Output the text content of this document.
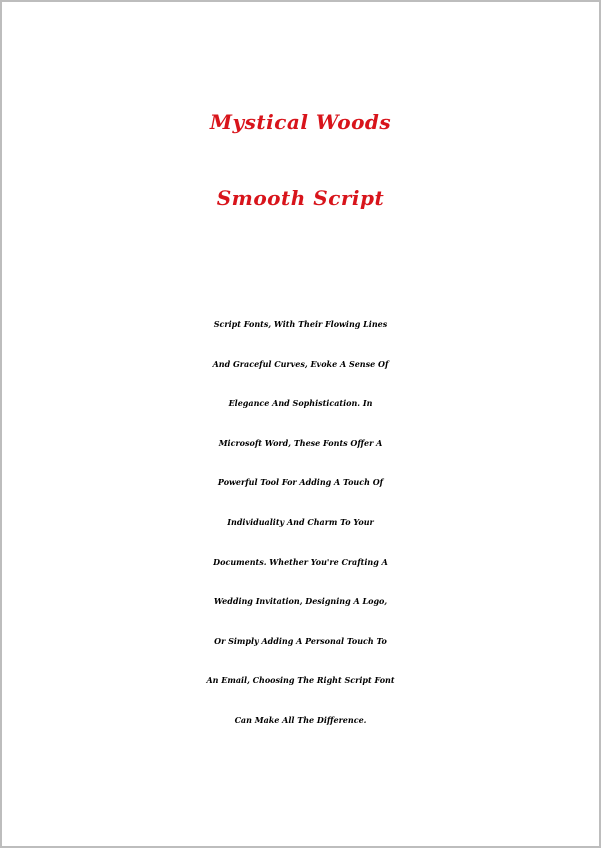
Mystical Woods
Smooth Script
Script Fonts, With Their Flowing Lines
And Graceful Curves, Evoke A Sense Of
Elegance And Sophistication. In
Microsoft Word, These Fonts Offer A
Powerful Tool For Adding A Touch Of
Individuality And Charm To Your
Documents. Whether You're Crafting A
Wedding Invitation, Designing A Logo,
Or Simply Adding A Personal Touch To
An Email, Choosing The Right Script Font
Can Make All The Difference.
